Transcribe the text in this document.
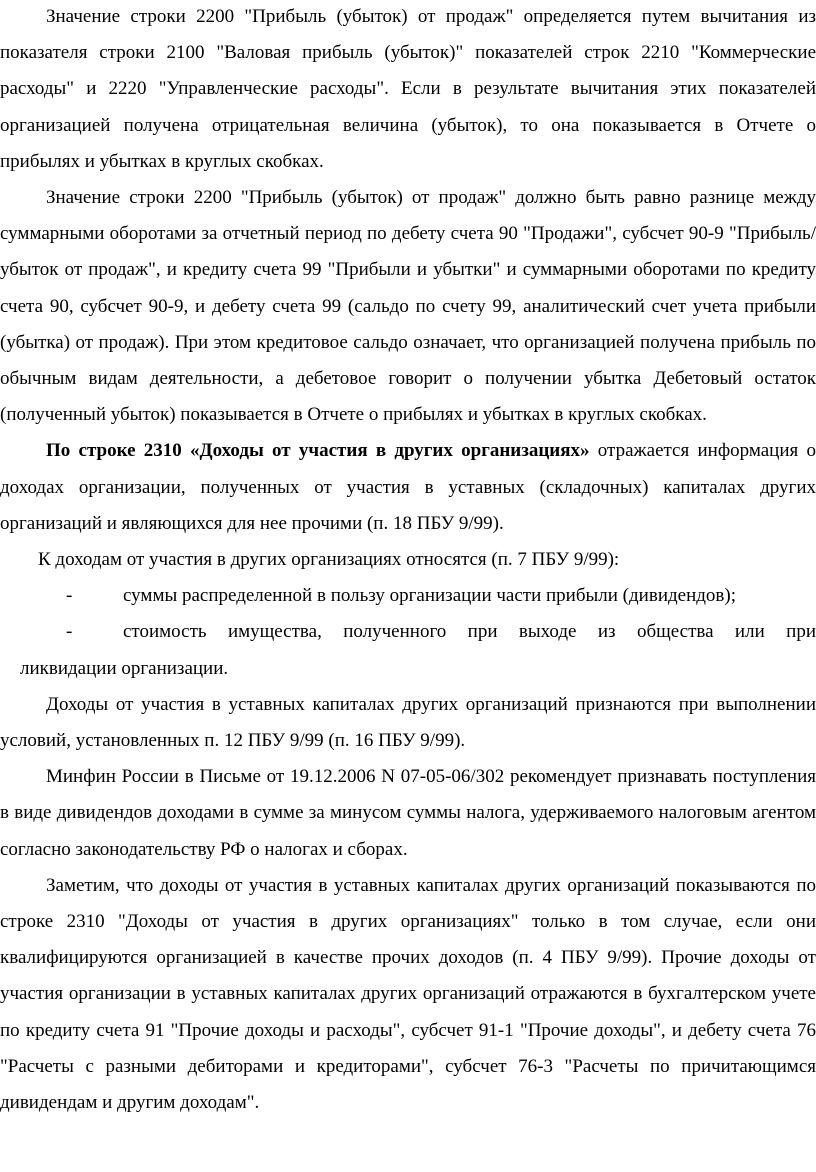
Значение строки 2200 "Прибыль (убыток) от продаж" определяется путем вычитания из показателя строки 2100 "Валовая прибыль (убыток)" показателей строк 2210 "Коммерческие расходы" и 2220 "Управленческие расходы". Если в результате вычитания этих показателей организацией получена отрицательная величина (убыток), то она показывается в Отчете о прибылях и убытках в круглых скобках.

Значение строки 2200 "Прибыль (убыток) от продаж" должно быть равно разнице между суммарными оборотами за отчетный период по дебету счета 90 "Продажи", субсчет 90-9 "Прибыль/убыток от продаж", и кредиту счета 99 "Прибыли и убытки" и суммарными оборотами по кредиту счета 90, субсчет 90-9, и дебету счета 99 (сальдо по счету 99, аналитический счет учета прибыли (убытка) от продаж). При этом кредитовое сальдо означает, что организацией получена прибыль по обычным видам деятельности, а дебетовое говорит о получении убытка Дебетовый остаток (полученный убыток) показывается в Отчете о прибылях и убытках в круглых скобках.

По строке 2310 «Доходы от участия в других организациях» отражается информация о доходах организации, полученных от участия в уставных (складочных) капиталах других организаций и являющихся для нее прочими (п. 18 ПБУ 9/99).

К доходам от участия в других организациях относятся (п. 7 ПБУ 9/99):

-	суммы распределенной в пользу организации части прибыли (дивидендов);
-	стоимость имущества, полученного при выходе из общества или при
ликвидации организации.

Доходы от участия в уставных капиталах других организаций признаются при выполнении условий, установленных п. 12 ПБУ 9/99 (п. 16 ПБУ 9/99).

Минфин России в Письме от 19.12.2006 N 07-05-06/302 рекомендует признавать поступления в виде дивидендов доходами в сумме за минусом суммы налога, удерживаемого налоговым агентом согласно законодательству РФ о налогах и сборах.

Заметим, что доходы от участия в уставных капиталах других организаций показываются по строке 2310 "Доходы от участия в других организациях" только в том случае, если они квалифицируются организацией в качестве прочих доходов (п. 4 ПБУ 9/99). Прочие доходы от участия организации в уставных капиталах других организаций отражаются в бухгалтерском учете по кредиту счета 91 "Прочие доходы и расходы", субсчет 91-1 "Прочие доходы", и дебету счета 76 "Расчеты с разными дебиторами и кредиторами", субсчет 76-3 "Расчеты по причитающимся дивидендам и другим доходам".
